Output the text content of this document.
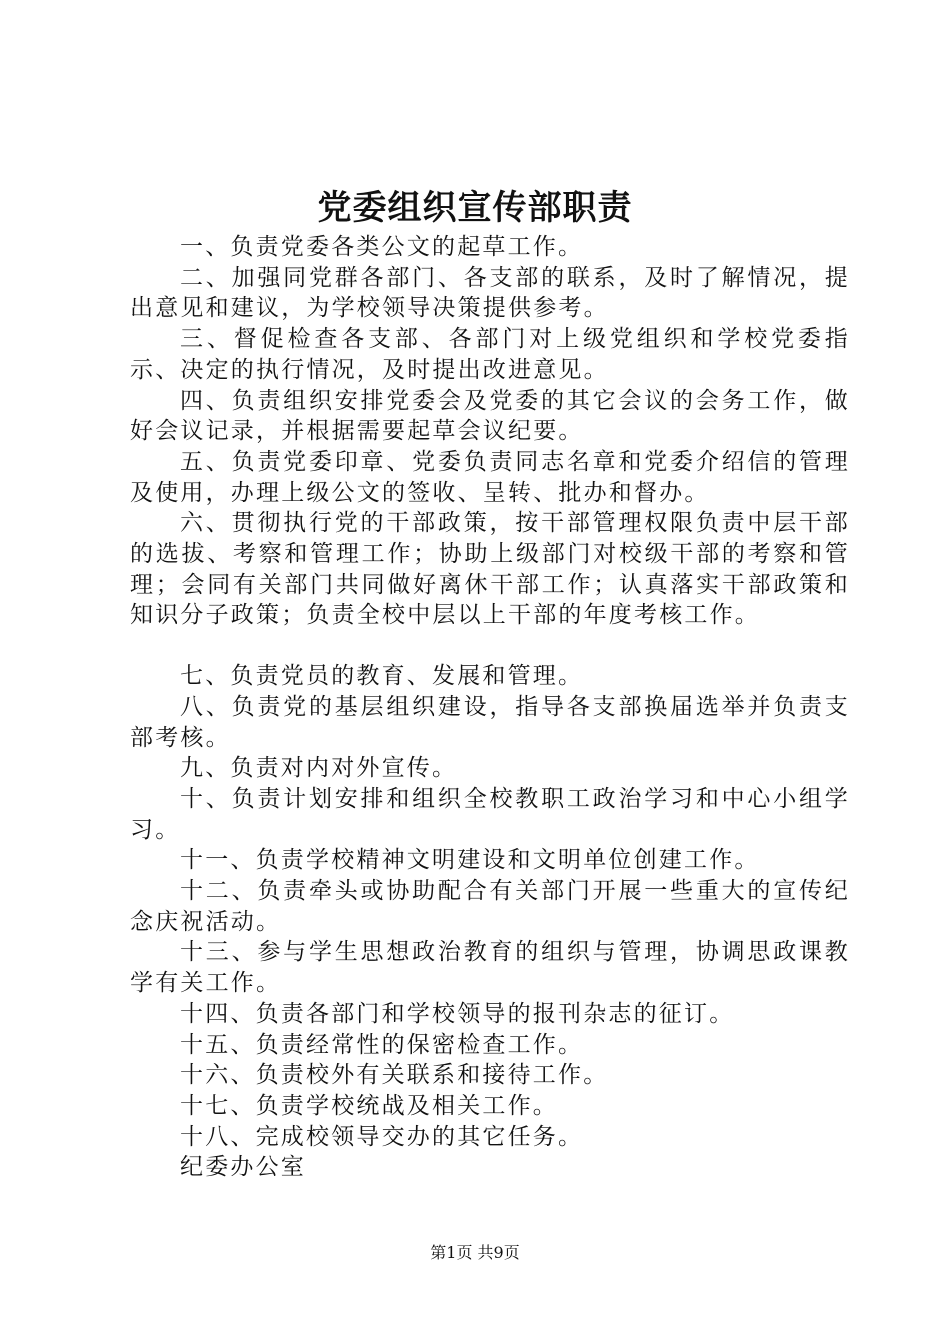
党委组织宣传部职责

一、负责党委各类公文的起草工作。

二、加强同党群各部门、各支部的联系，及时了解情况，提出意见和建议，为学校领导决策提供参考。

三、督促检查各支部、各部门对上级党组织和学校党委指示、决定的执行情况，及时提出改进意见。

四、负责组织安排党委会及党委的其它会议的会务工作，做好会议记录，并根据需要起草会议纪要。

五、负责党委印章、党委负责同志名章和党委介绍信的管理及使用，办理上级公文的签收、呈转、批办和督办。

六、贯彻执行党的干部政策，按干部管理权限负责中层干部的选拔、考察和管理工作；协助上级部门对校级干部的考察和管理；会同有关部门共同做好离休干部工作；认真落实干部政策和知识分子政策；负责全校中层以上干部的年度考核工作。

七、负责党员的教育、发展和管理。

八、负责党的基层组织建设，指导各支部换届选举并负责支部考核。

九、负责对内对外宣传。

十、负责计划安排和组织全校教职工政治学习和中心小组学习。

十一、负责学校精神文明建设和文明单位创建工作。

十二、负责牵头或协助配合有关部门开展一些重大的宣传纪念庆祝活动。

十三、参与学生思想政治教育的组织与管理，协调思政课教学有关工作。

十四、负责各部门和学校领导的报刊杂志的征订。

十五、负责经常性的保密检查工作。

十六、负责校外有关联系和接待工作。

十七、负责学校统战及相关工作。

十八、完成校领导交办的其它任务。

纪委办公室

第1页 共9页
